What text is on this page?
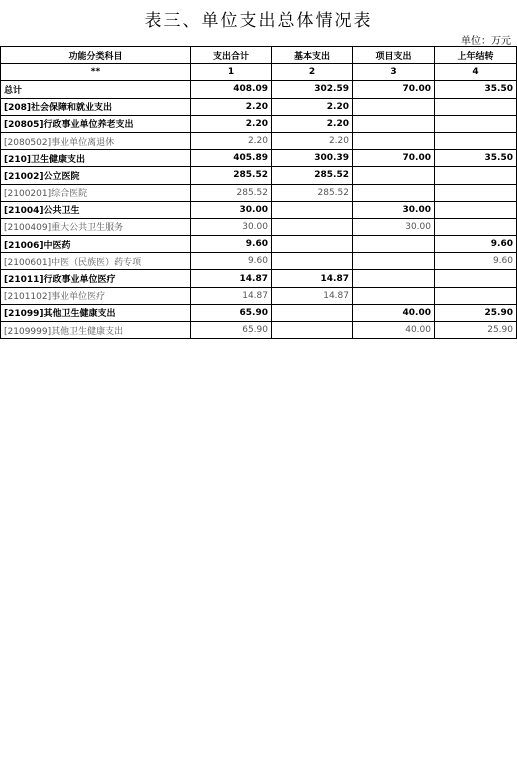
表三、单位支出总体情况表
单位：万元
功能分类科目	支出合计	基本支出	项目支出	上年结转
**	1	2	3	4
总计	408.09	302.59	70.00	35.50
[208]社会保障和就业支出	2.20	2.20		
[20805]行政事业单位养老支出	2.20	2.20		
[2080502]事业单位离退休	2.20	2.20		
[210]卫生健康支出	405.89	300.39	70.00	35.50
[21002]公立医院	285.52	285.52		
[2100201]综合医院	285.52	285.52		
[21004]公共卫生	30.00		30.00	
[2100409]重大公共卫生服务	30.00		30.00	
[21006]中医药	9.60			9.60
[2100601]中医（民族医）药专项	9.60			9.60
[21011]行政事业单位医疗	14.87	14.87		
[2101102]事业单位医疗	14.87	14.87		
[21099]其他卫生健康支出	65.90		40.00	25.90
[2109999]其他卫生健康支出	65.90		40.00	25.90
